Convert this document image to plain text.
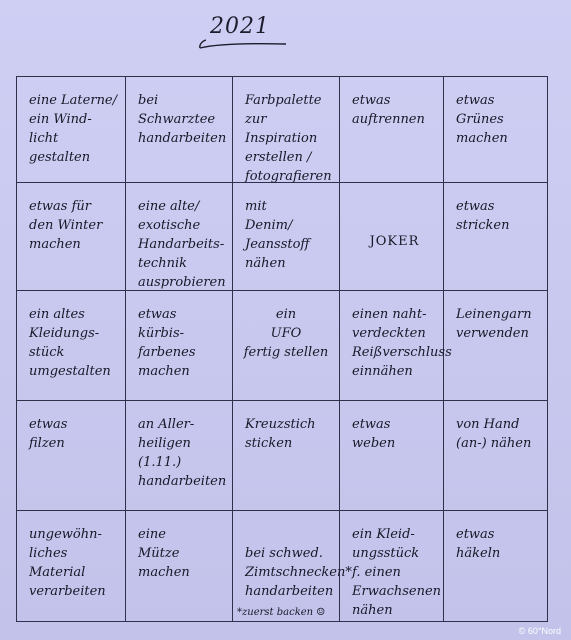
2021
eine Laterne/
ein Wind-
licht
gestalten
bei
Schwarztee
handarbeiten
Farbpalette
zur
Inspiration
erstellen /
fotografieren
etwas
auftrennen
etwas
Grünes
machen
etwas für
den Winter
machen
eine alte/
exotische
Handarbeits-
technik
ausprobieren
mit
Denim/
Jeansstoff
nähen
JOKER
etwas
stricken
ein altes
Kleidungs-
stück
umgestalten
etwas
kürbis-
farbenes
machen
ein
UFO
fertig stellen
einen naht-
verdeckten
Reißverschluss
einnähen
Leinengarn
verwenden
etwas
filzen
an Aller-
heiligen
(1.11.)
handarbeiten
Kreuzstich
sticken
etwas
weben
von Hand
(an-) nähen
ungewöhn-
liches
Material
verarbeiten
eine
Mütze
machen

bei schwed.
Zimtschnecken*
handarbeiten

*zuerst backen ☺

ein Kleid-
ungsstück
f. einen
Erwachsenen
nähen
etwas
häkeln
© 60°Nord
